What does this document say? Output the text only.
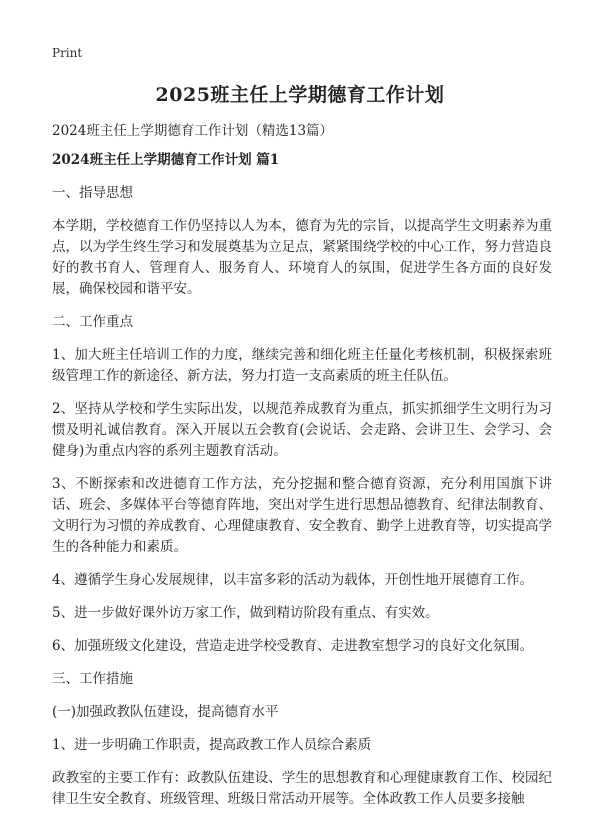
Print
2025班主任上学期德育工作计划

2024班主任上学期德育工作计划（精选13篇）

2024班主任上学期德育工作计划 篇1

一、指导思想

本学期，学校德育工作仍坚持以人为本，德育为先的宗旨，以提高学生文明素养为重点，以为学生终生学习和发展奠基为立足点，紧紧围绕学校的中心工作，努力营造良好的教书育人、管理育人、服务育人、环境育人的氛围，促进学生各方面的良好发展，确保校园和谐平安。

二、工作重点

1、加大班主任培训工作的力度，继续完善和细化班主任量化考核机制，积极探索班级管理工作的新途径、新方法，努力打造一支高素质的班主任队伍。

2、坚持从学校和学生实际出发，以规范养成教育为重点，抓实抓细学生文明行为习惯及明礼诚信教育。深入开展以五会教育(会说话、会走路、会讲卫生、会学习、会健身)为重点内容的系列主题教育活动。

3、不断探索和改进德育工作方法，充分挖掘和整合德育资源，充分利用国旗下讲话、班会、多媒体平台等德育阵地，突出对学生进行思想品德教育、纪律法制教育、文明行为习惯的养成教育、心理健康教育、安全教育、勤学上进教育等，切实提高学生的各种能力和素质。

4、遵循学生身心发展规律，以丰富多彩的活动为载体，开创性地开展德育工作。

5、进一步做好课外访万家工作，做到精访阶段有重点、有实效。

6、加强班级文化建设，营造走进学校受教育、走进教室想学习的良好文化氛围。

三、工作措施

(一)加强政教队伍建设，提高德育水平

1、进一步明确工作职责，提高政教工作人员综合素质

政教室的主要工作有：政教队伍建设、学生的思想教育和心理健康教育工作、校园纪律卫生安全教育、班级管理、班级日常活动开展等。全体政教工作人员要多接触
